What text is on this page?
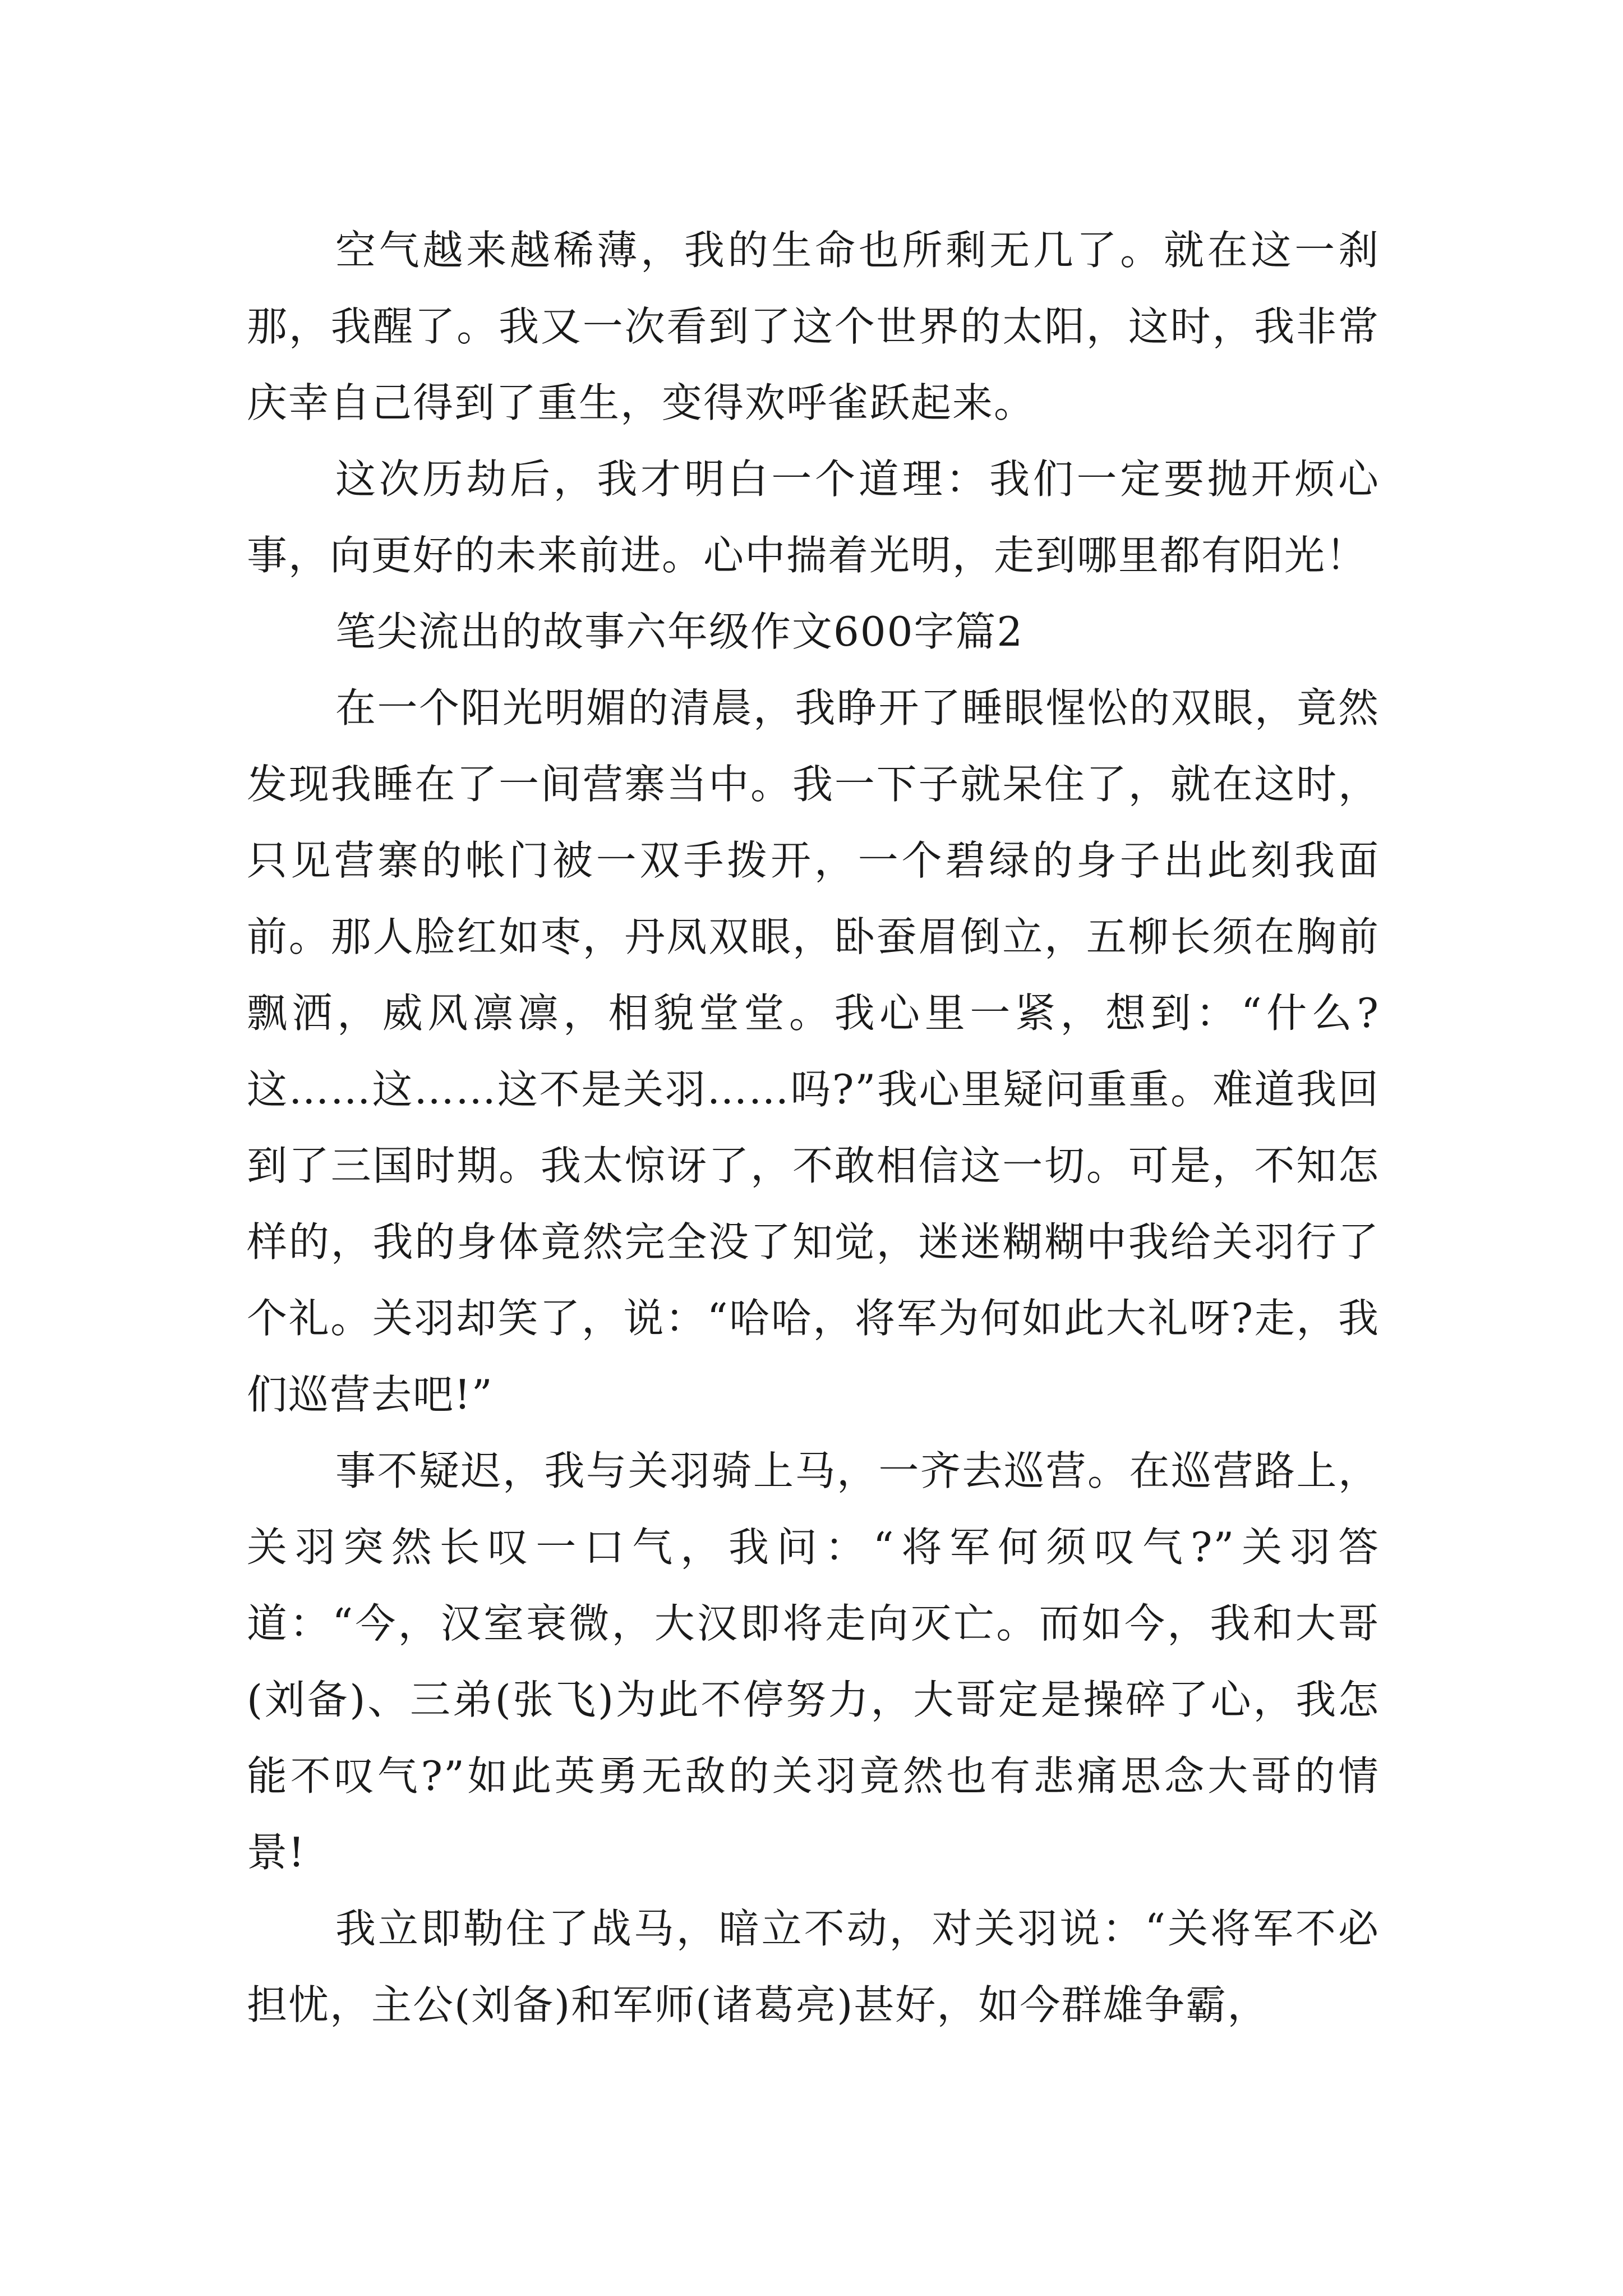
空气越来越稀薄，我的生命也所剩无几了。就在这一刹那，我醒了。我又一次看到了这个世界的太阳，这时，我非常庆幸自己得到了重生，变得欢呼雀跃起来。

这次历劫后，我才明白一个道理：我们一定要抛开烦心事，向更好的未来前进。心中揣着光明，走到哪里都有阳光！

笔尖流出的故事六年级作文600字篇2

在一个阳光明媚的清晨，我睁开了睡眼惺忪的双眼，竟然发现我睡在了一间营寨当中。我一下子就呆住了，就在这时，只见营寨的帐门被一双手拨开，一个碧绿的身子出此刻我面前。那人脸红如枣，丹凤双眼，卧蚕眉倒立，五柳长须在胸前飘洒，威风凛凛，相貌堂堂。我心里一紧，想到：“什么?这……这……这不是关羽……吗?”我心里疑问重重。难道我回到了三国时期。我太惊讶了，不敢相信这一切。可是，不知怎样的，我的身体竟然完全没了知觉，迷迷糊糊中我给关羽行了个礼。关羽却笑了，说：“哈哈，将军为何如此大礼呀?走，我们巡营去吧!”

事不疑迟，我与关羽骑上马，一齐去巡营。在巡营路上，关羽突然长叹一口气，我问：“将军何须叹气?”关羽答道：“今，汉室衰微，大汉即将走向灭亡。而如今，我和大哥(刘备)、三弟(张飞)为此不停努力，大哥定是操碎了心，我怎能不叹气?”如此英勇无敌的关羽竟然也有悲痛思念大哥的情景!

我立即勒住了战马，暗立不动，对关羽说：“关将军不必担忧，主公(刘备)和军师(诸葛亮)甚好，如今群雄争霸，
